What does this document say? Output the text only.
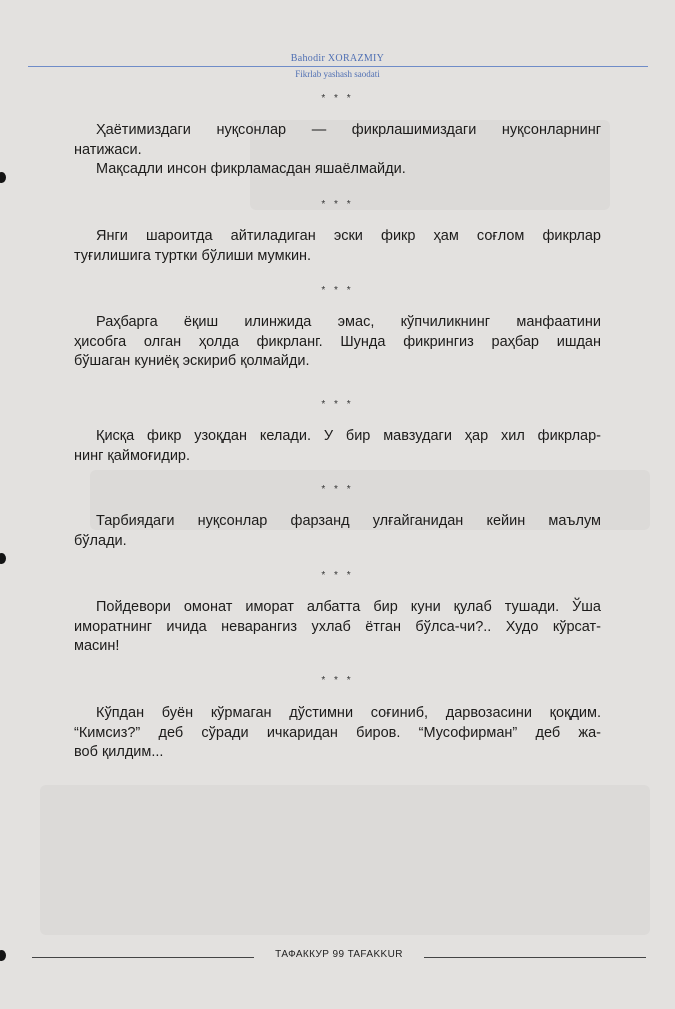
Bahodir XORAZMIY
Fikrlab yashash saodati
* * *
Ҳаётимиздаги нуқсонлар — фикрлашимиздаги нуқсонларнинг
натижаси.
Мақсадли инсон фикрламасдан яшаёлмайди.
* * *
Янги шароитда айтиладиган эски фикр ҳам соғлом фикрлар
туғилишига туртки бўлиши мумкин.
* * *
Раҳбарга ёқиш илинжида эмас, кўпчиликнинг манфаатини
ҳисобга олган ҳолда фикрланг. Шунда фикрингиз раҳбар ишдан
бўшаган куниёқ эскириб қолмайди.
* * *
Қисқа фикр узоқдан келади. У бир мавзудаги ҳар хил фикрлар-
нинг қаймоғидир.
* * *
Тарбиядаги нуқсонлар фарзанд улғайганидан кейин маълум
бўлади.
* * *
Пойдевори омонат иморат албатта бир куни қулаб тушади. Ўша
иморатнинг ичида неварангиз ухлаб ётган бўлса-чи?.. Худо кўрсат-
масин!
* * *
Кўпдан буён кўрмаган дўстимни соғиниб, дарвозасини қоқдим.
“Кимсиз?” деб сўради ичкаридан биров. “Мусофирман” деб жа-
воб қилдим...
ТАФАККУР 99 TAFAKKUR
